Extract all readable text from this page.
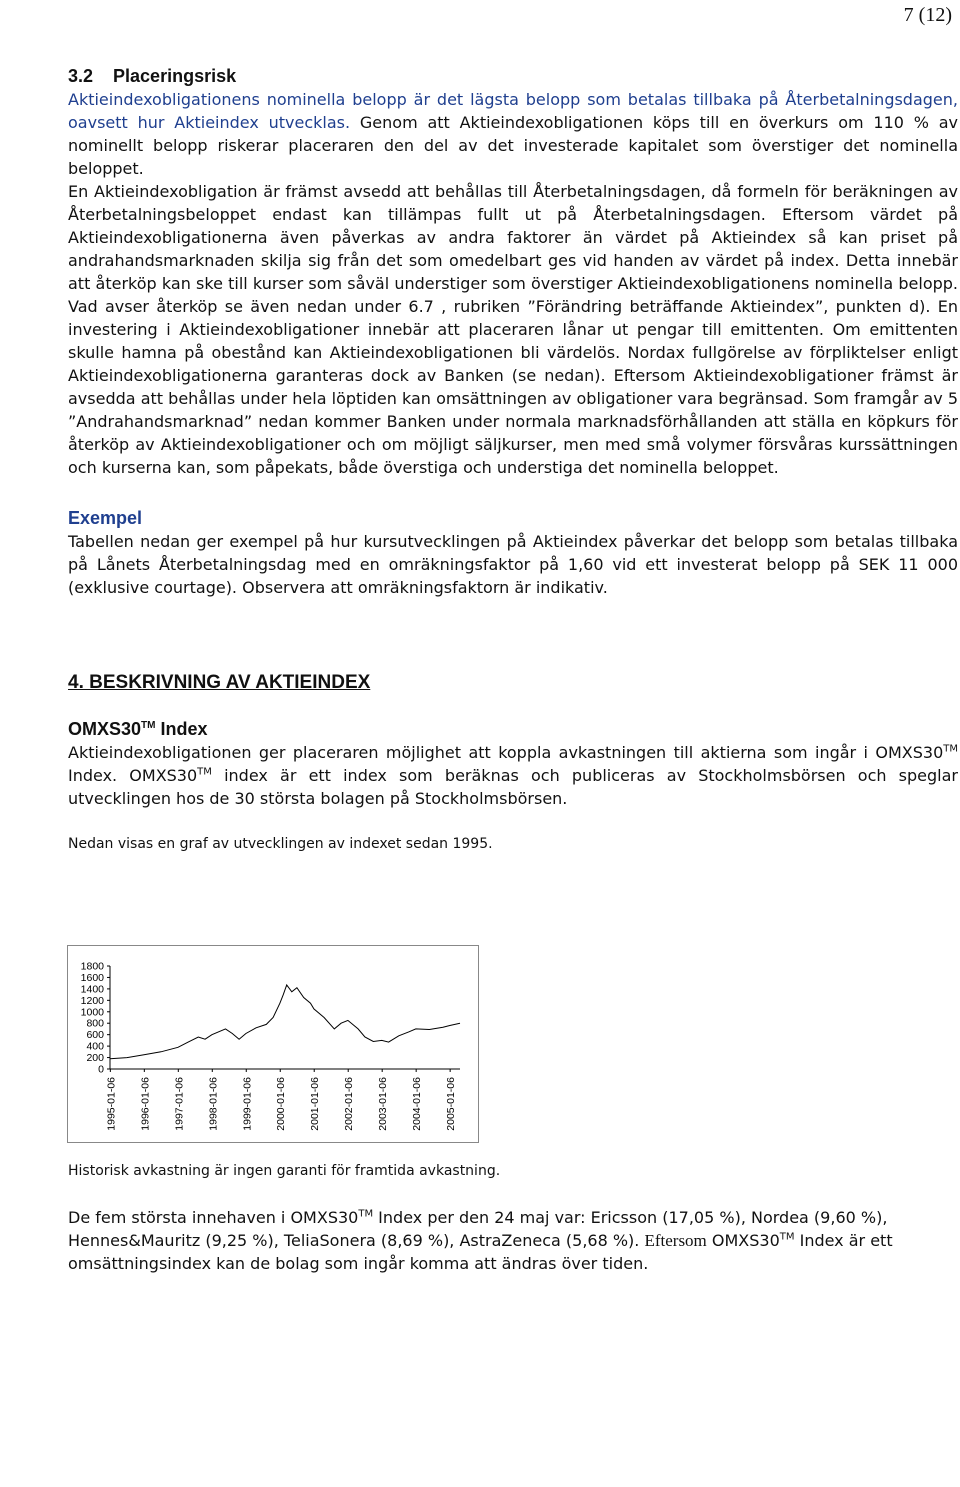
7 (12)
3.2 Placeringsrisk

Aktieindexobligationens nominella belopp är det lägsta belopp som betalas tillbaka på Återbetalningsdagen, oavsett hur Aktieindex utvecklas. Genom att Aktieindexobligationen köps till en överkurs om 110 % av nominellt belopp riskerar placeraren den del av det investerade kapitalet som överstiger det nominella beloppet.

En Aktieindexobligation är främst avsedd att behållas till Återbetalningsdagen, då formeln för beräkningen av Återbetalningsbeloppet endast kan tillämpas fullt ut på Återbetalningsdagen. Eftersom värdet på Aktieindexobligationerna även påverkas av andra faktorer än värdet på Aktieindex så kan priset på andrahandsmarknaden skilja sig från det som omedelbart ges vid handen av värdet på index. Detta innebär att återköp kan ske till kurser som såväl understiger som överstiger Aktieindexobligationens nominella belopp. Vad avser återköp se även nedan under 6.7 , rubriken ”Förändring beträffande Aktieindex”, punkten d). En investering i Aktieindexobligationer innebär att placeraren lånar ut pengar till emittenten. Om emittenten skulle hamna på obestånd kan Aktieindexobligationen bli värdelös. Nordax fullgörelse av förpliktelser enligt Aktieindexobligationerna garanteras dock av Banken (se nedan). Eftersom Aktieindexobligationer främst är avsedda att behållas under hela löptiden kan omsättningen av obligationer vara begränsad. Som framgår av 5 ”Andrahandsmarknad” nedan kommer Banken under normala marknadsförhållanden att ställa en köpkurs för återköp av Aktieindexobligationer och om möjligt säljkurser, men med små volymer försvåras kurssättningen och kurserna kan, som påpekats, både överstiga och understiga det nominella beloppet.

Exempel

Tabellen nedan ger exempel på hur kursutvecklingen på Aktieindex påverkar det belopp som betalas tillbaka på Lånets Återbetalningsdag med en omräkningsfaktor på 1,60 vid ett investerat belopp på SEK 11 000 (exklusive courtage). Observera att omräkningsfaktorn är indikativ.

4. BESKRIVNING AV AKTIEINDEX
OMXS30™ Index

Aktieindexobligationen ger placeraren möjlighet att koppla avkastningen till aktierna som ingår i OMXS30™ Index. OMXS30™ index är ett index som beräknas och publiceras av Stockholmsbörsen och speglar utvecklingen hos de 30 största bolagen på Stockholmsbörsen.

Nedan visas en graf av utvecklingen av indexet sedan 1995.

1800
1600
1400
1200
1000
800
600
400
200
0
1995-01-06 1996-01-06 1997-01-06 1998-01-06 1999-01-06 2000-01-06 2001-01-06 2002-01-06 2003-01-06 2004-01-06 2005-01-06
Historisk avkastning är ingen garanti för framtida avkastning.

De fem största innehaven i OMXS30™ Index per den 24 maj var: Ericsson (17,05 %), Nordea (9,60 %), Hennes&Mauritz (9,25 %), TeliaSonera (8,69 %), AstraZeneca (5,68 %). Eftersom OMXS30™ Index är ett omsättningsindex kan de bolag som ingår komma att ändras över tiden.
